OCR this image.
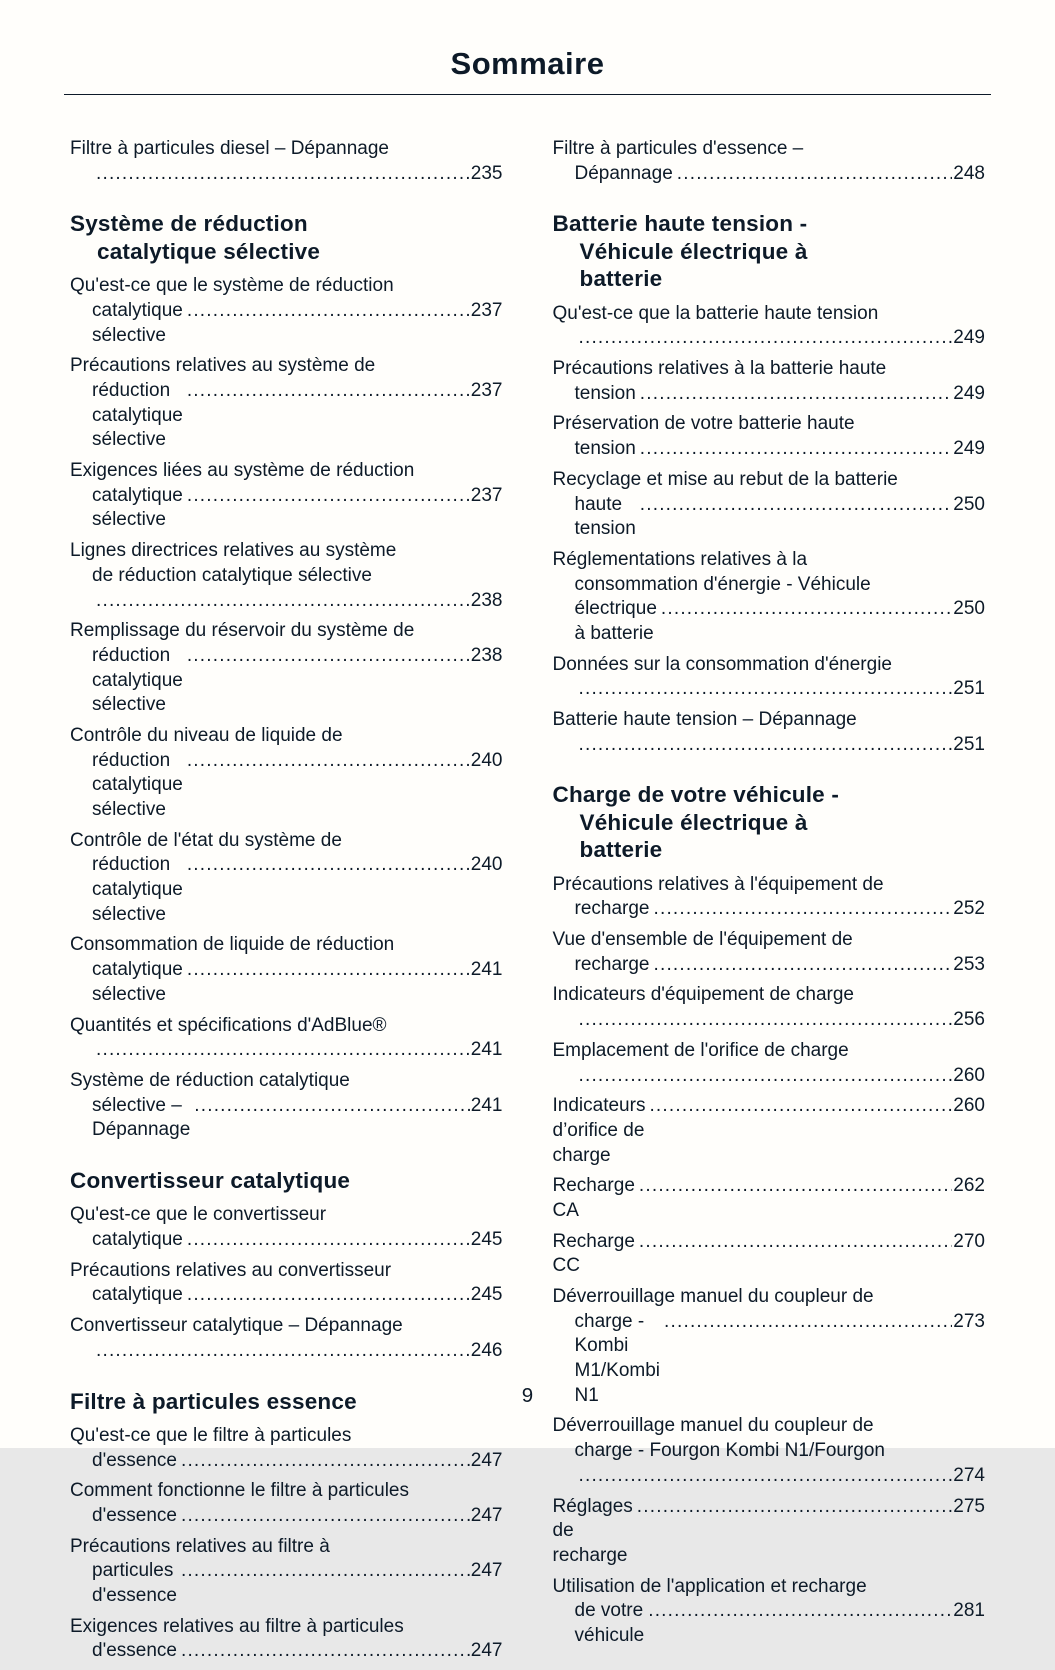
Sommaire
Filtre à particules diesel – Dépannage
.....
235
Système de réduction
catalytique sélective
Qu'est-ce que le système de réduction
catalytique sélective
.....
237
Précautions relatives au système de
réduction catalytique sélective
.....
237
Exigences liées au système de réduction
catalytique sélective
.....
237
Lignes directrices relatives au système
de réduction catalytique sélective
.....
238
Remplissage du réservoir du système de
réduction catalytique sélective
.....
238
Contrôle du niveau de liquide de
réduction catalytique sélective
.....
240
Contrôle de l'état du système de
réduction catalytique sélective
.....
240
Consommation de liquide de réduction
catalytique sélective
.....
241
Quantités et spécifications d'AdBlue®
.....
241
Système de réduction catalytique
sélective – Dépannage
.....
241
Convertisseur catalytique
Qu'est-ce que le convertisseur
catalytique .....	245
Précautions relatives au convertisseur
catalytique .....	245
Convertisseur catalytique – Dépannage
.....
246
Filtre à particules essence
Qu'est-ce que le filtre à particules
d'essence .....	247
Comment fonctionne le filtre à particules
d'essence .....	247
Précautions relatives au filtre à
particules d'essence
.....
247
Exigences relatives au filtre à particules
d'essence .....	247
Filtre à particules d'essence –
Dépannage .....	248
Batterie haute tension -
Véhicule électrique à
batterie
Qu'est-ce que la batterie haute tension
.....
249
Précautions relatives à la batterie haute
tension .....	249
Préservation de votre batterie haute
tension .....	249
Recyclage et mise au rebut de la batterie
haute tension
.....
250
Réglementations relatives à la
consommation d'énergie - Véhicule
électrique à batterie
.....
250
Données sur la consommation d'énergie
.....
251
Batterie haute tension – Dépannage
.....
251
Charge de votre véhicule -
Véhicule électrique à
batterie
Précautions relatives à l'équipement de
recharge .....	252
Vue d'ensemble de l'équipement de
recharge .....	253
Indicateurs d'équipement de charge
.....
256
Emplacement de l'orifice de charge
.....
260
Indicateurs d’orifice de charge
.....
260
Recharge CA
.....
262
Recharge CC
.....
270
Déverrouillage manuel du coupleur de
charge - Kombi M1/Kombi N1
.....
273
Déverrouillage manuel du coupleur de
charge - Fourgon Kombi N1/Fourgon
.....
274
Réglages de recharge
.....
275
Utilisation de l'application et recharge
de votre véhicule
.....
281
9
